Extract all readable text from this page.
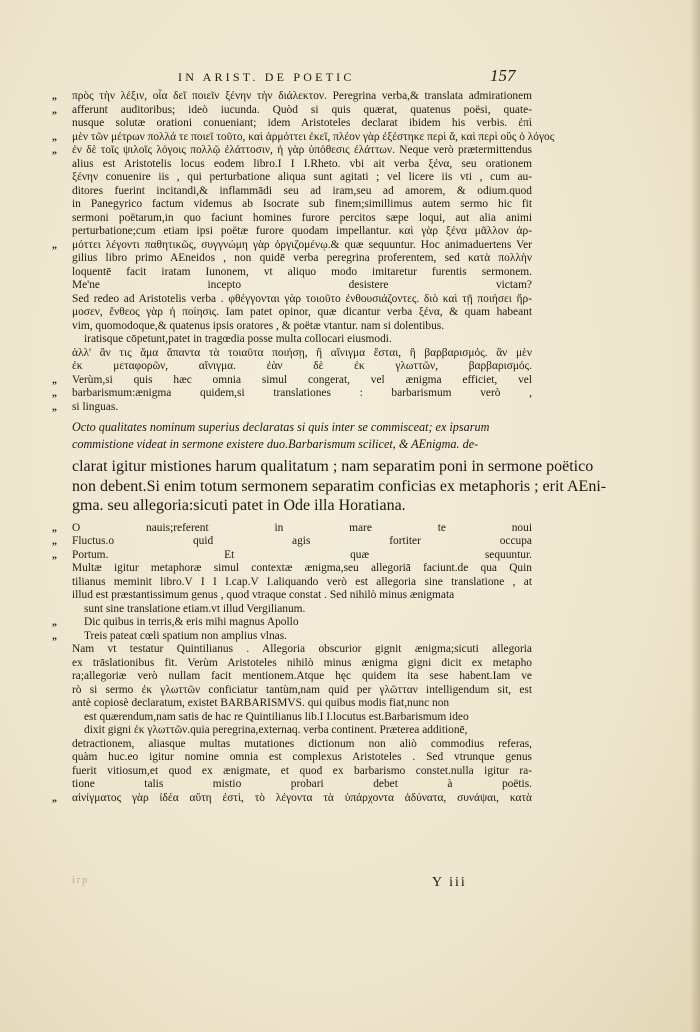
IN ARIST. DE POETIC	157
„	πρὸς τὴν λέξιν, οἷα δεῖ ποιεῖν ξένην τὴν διάλεκτον. Peregrina verba,& translata admirationem
„	afferunt auditoribus; ideò iucunda. Quòd si quis quærat, quatenus poësi, quate-
nusque solutæ orationi conueniant; idem Aristoteles declarat ibidem his verbis. ἐπὶ
„	μὲν τῶν μέτρων πολλά τε ποιεῖ τοῦτο, καὶ ἁρμόττει ἐκεῖ, πλέον γὰρ ἐξέστηκε περὶ ἅ, καὶ περὶ οὓς ὁ λόγος
„	ἐν δὲ τοῖς ψιλοῖς λόγοις πολλῷ ἐλάττοσιν, ἡ γὰρ ὑπόθεσις ἐλάττων. Neque verò prætermittendus
alius est Aristotelis locus eodem libro.I I I.Rheto. vbi ait verba ξένα, seu orationem
ξένην conuenire iis , qui perturbatione aliqua sunt agitati ; vel licere iis vti , cum au-
ditores fuerint incitandi,& inflammādi seu ad iram,seu ad amorem, & odium.quod
in Panegyrico factum videmus ab Isocrate sub finem;simillimus autem sermo hic fit
sermoni poëtarum,in quo faciunt homines furore percitos sæpe loqui, aut alia animi
perturbatione;cum etiam ipsi poëtæ furore quodam impellantur. καὶ γὰρ ξένα μᾶλλον ἁρ-
„	μόττει λέγοντι παθητικῶς, συγγνώμη γὰρ ὀργιζομένῳ.& quæ sequuntur. Hoc animaduertens Ver
gilius libro primo AEneidos , non quidē verba peregrina proferentem, sed κατὰ πολλὴν
loquentē facit iratam Iunonem, vt aliquo modo imitaretur furentis sermonem.
Me'ne incepto desistere victam?
Sed redeo ad Aristotelis verba . φθέγγονται γὰρ τοιοῦτο ἐνθουσιάζοντες. διὸ καὶ τῇ ποιήσει ἥρ-
μοσεν, ἔνθεος γὰρ ἡ ποίησις. Iam patet opinor, quæ dicantur verba ξένα, & quam habeant
vim, quomodoque,& quatenus ipsis oratores , & poëtæ vtantur. nam si dolentibus.
iratisque cōpetunt,patet in tragœdia posse multa collocari eiusmodi.
ἀλλ' ἄν τις ἅμα ἅπαντα τὰ τοιαῦτα ποιήσῃ, ἢ αἴνιγμα ἔσται, ἢ βαρβαρισμός. ἂν μὲν
ἐκ μεταφορῶν, αἴνιγμα. ἐὰν δὲ ἐκ γλωττῶν, βαρβαρισμός.
„	Verùm,si quis hæc omnia simul congerat, vel ænigma efficiet, vel
„	barbarismum:ænigma quidem,si translationes : barbarismum verò ,
„	si linguas.
Octo qualitates nominum superius declaratas si quis inter se commisceat; ex ipsarum
commistione videat in sermone existere duo.Barbarismum scilicet, & AEnigma. de-
clarat igitur mistiones harum qualitatum ; nam separatim poni in sermone poëtico
non debent.Si enim totum sermonem separatim conficias ex metaphoris ; erit AEni-
gma. seu allegoria:sicuti patet in Ode illa Horatiana.
„	O nauis;referent in mare te noui
„	Fluctus.o quid agis fortiter occupa
„	Portum. Et quæ sequuntur.
Multæ igitur metaphoræ simul contextæ ænigma,seu allegoriā faciunt.de qua Quin
tilianus meminit libro.V I I I.cap.V I.aliquando verò est allegoria sine translatione , at
illud est præstantissimum genus , quod vtraque constat . Sed nihilò minus ænigmata
sunt sine translatione etiam.vt illud Vergilianum.
„	Dic quibus in terris,& eris mihi magnus Apollo
„	Treis pateat cœli spatium non amplius vlnas.
Nam vt testatur Quintilianus . Allegoria obscurior gignit ænigma;sicuti allegoria
ex trāslationibus fit. Verùm Aristoteles nihilò minus ænigma gigni dicit ex metapho
ra;allegoriæ verò nullam facit mentionem.Atque hęc quidem ita sese habent.Iam ve
rò si sermo ἐκ γλωττῶν conficiatur tantùm,nam quid per γλῶτταν intelligendum sit, est
antè copiosè declaratum, existet BARBARISMVS. qui quibus modis fiat,nunc non
est quærendum,nam satis de hac re Quintilianus lib.I I.locutus est.Barbarismum ideo
dixit gigni ἐκ γλωττῶν.quia peregrina,externaq. verba continent. Præterea additionē,
detractionem, aliasque multas mutationes dictionum non aliò commodius referas,
quàm huc.eo igitur nomine omnia est complexus Aristoteles . Sed vtrunque genus
fuerit vitiosum,et quod ex ænigmate, et quod ex barbarismo constet.nulla igitur ra-
tione talis mistio probari debet à poëtis.
„	αἰνίγματος γὰρ ἰδέα αὕτη ἐστὶ, τὸ λέγοντα τὰ ὑπάρχοντα ἀδύνατα, συνάψαι, κατὰ
irp	Y iii
